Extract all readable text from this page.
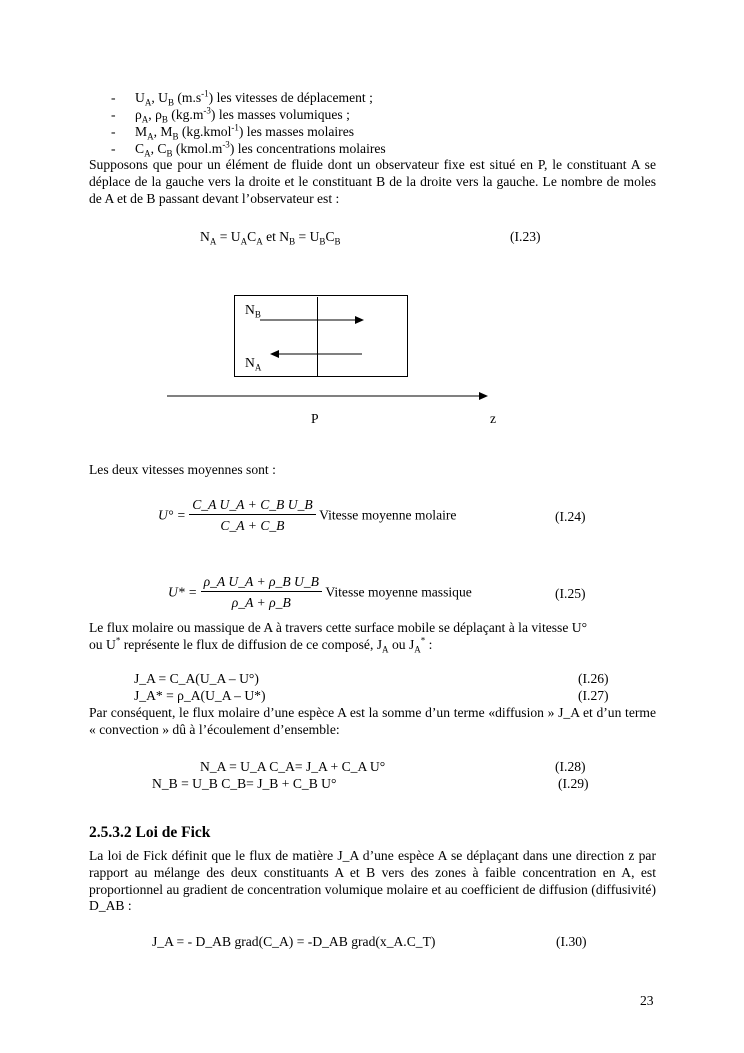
- $U_A$, $U_B$ $(m.s^{-1})$ les vitesses de déplacement ;
- $\rho_A$, $\rho_B$ $(kg.m^{-3})$ les masses volumiques ;
- $M_A$, $M_B$ (kg.kmol$^{-1}$) les masses molaires
- $C_A$, $C_B$ $(kmol.m^{-3})$ les concentrations molaires
Supposons que pour un élément de fluide dont un observateur fixe est situé en P, le constituant A se déplace de la gauche vers la droite et le constituant B de la droite vers la gauche. Le nombre de moles de A et de B passant devant l’observateur est :
$N_A = U_AC_A$ et $N_B = U_BC_B$	(I.23)
$N_B$
$N_A$
P	z
Les deux vitesses moyennes sont :
$U^\circ = \frac{\text{C\_A U\_A + C\_B U\_B}}{C\_A + C\_B}$ Vitesse moyenne molaire	(I.24)
$U* = \frac{\text{ρ\_A U\_A + ρ\_B U\_B}}{\rho\_A + \rho\_B}$ Vitesse moyenne massique	(I.25)
Le flux molaire ou massique de A à travers cette surface mobile se déplaçant à la vitesse U°
ou U* représente le flux de diffusion de ce composé, $J_A$ ou $J_A^*$ :
J_A = C_A(U_A – U°)	(I.26)
J_A* = ρ_A(U_A – U*)	(I.27)
Par conséquent, le flux molaire d’une espèce A est la somme d’un terme «diffusion » J_A et d’un terme « convection » dû à l’écoulement d’ensemble:
N_A = U_A C_A= J_A + C_A U°	(I.28)
N_B = U_B C_B= J_B + C_B U°	(I.29)
2.5.3.2 Loi de Fick
La loi de Fick définit que le flux de matière J_A d’une espèce A se déplaçant dans une direction z par rapport au mélange des deux constituants A et B vers des zones à faible concentration en A, est proportionnel au gradient de concentration volumique molaire et au coefficient de diffusion (diffusivité) D_AB :
J_A = - D_AB grad(C_A) = -D_AB grad(x_A.C_T)	(I.30)
23
